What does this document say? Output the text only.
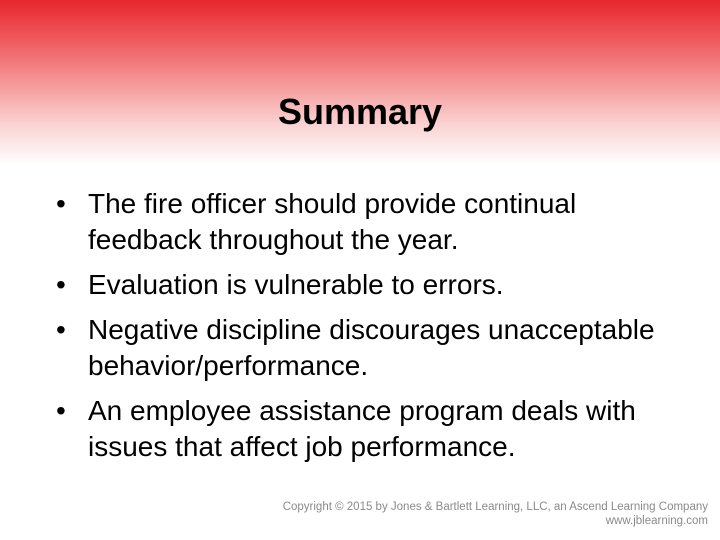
Summary
• The fire officer should provide continual feedback throughout the year.
• Evaluation is vulnerable to errors.
• Negative discipline discourages unacceptable behavior/performance.
• An employee assistance program deals with issues that affect job performance.
Copyright © 2015 by Jones & Bartlett Learning, LLC, an Ascend Learning Company
www.jblearning.com
